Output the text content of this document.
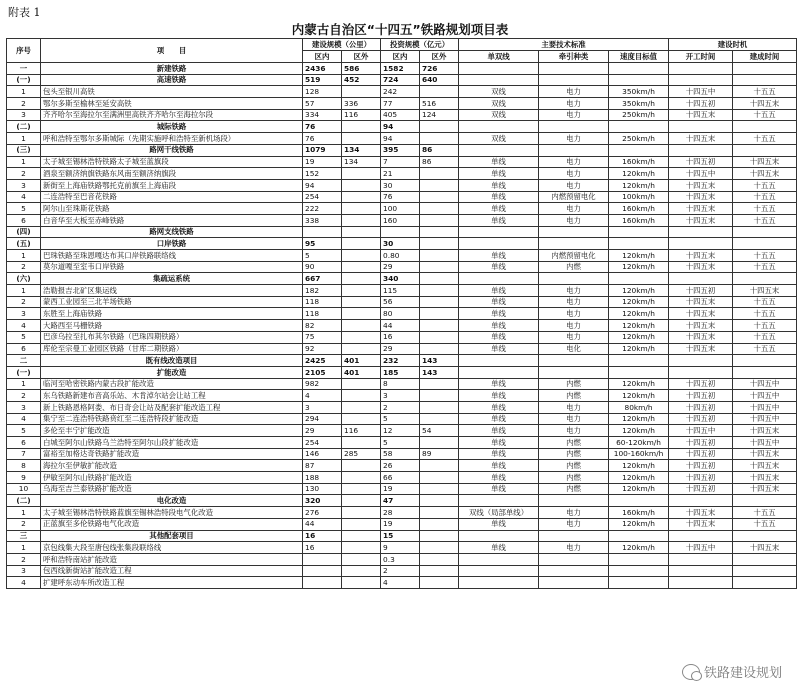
附表 1
内蒙古自治区“十四五”铁路规划项目表
序号	项　　目	建设规模（公里）		投资规模（亿元）		主要技术标准			建设时机	
		区内	区外	区内	区外	单双线	牵引种类	速度目标值	开工时间	建成时间
一	新建铁路	2436	586	1582	726					
(一)	高速铁路	519	452	724	640					
1	包头至银川高铁	128		242		双线	电力	350km/h	十四五中	十五五
2	鄂尔多斯至榆林至延安高铁	57	336	77	516	双线	电力	350km/h	十四五初	十四五末
3	齐齐哈尔至海拉尔至满洲里高铁齐齐哈尔至海拉尔段	334	116	405	124	双线	电力	250km/h	十四五末	十五五
(二)	城际铁路	76		94						
1	呼和浩特至鄂尔多斯城际（先期实施呼和浩特至新机场段）	76		94		双线	电力	250km/h	十四五末	十五五
(三)	路网干线铁路	1079	134	395	86					
1	太子城至锡林浩特铁路太子城至蓝旗段	19	134	7	86	单线	电力	160km/h	十四五初	十四五末
2	酒泉至额济纳旗铁路东风南至额济纳旗段	152		21		单线	电力	120km/h	十四五中	十四五末
3	新街至上海庙铁路鄂托克前旗至上海庙段	94		30		单线	电力	120km/h	十四五末	十五五
4	二连浩特至巴音花铁路	254		76		单线	内燃预留电化	100km/h	十四五末	十五五
5	阿尔山至珠斯花铁路	222		100		单线	电力	160km/h	十四五末	十五五
6	白音华至大板至赤峰铁路	338		160		单线	电力	160km/h	十四五末	十五五
(四)	路网支线铁路									
(五)	口岸铁路	95		30						
1	巴珠铁路至珠恩嘎达布其口岸铁路联络线	5		0.80		单线	内燃预留电化	120km/h	十四五末	十五五
2	莫尔道嘎至室韦口岸铁路	90		29		单线	内燃	120km/h	十四五末	十五五
(六)	集疏运系统	667		340						
1	浩勒报吉北矿区集运线	182		115		单线	电力	120km/h	十四五初	十四五末
2	蒙西工业园至三北羊场铁路	118		56		单线	电力	120km/h	十四五末	十五五
3	东胜至上海庙铁路	118		80		单线	电力	120km/h	十四五末	十五五
4	大路西至马栅铁路	82		44		单线	电力	120km/h	十四五末	十五五
5	巴彦乌拉至扎布其尔铁路（巴珠四期铁路）	75		16		单线	电力	120km/h	十四五末	十五五
6	库伦至宗曼工业园区铁路（甘库二期铁路）	92		29		单线	电化	120km/h	十四五末	十五五
二	既有线改造项目	2425	401	232	143					
(一)	扩能改造	2105	401	185	143					
1	临河至哈密铁路内蒙古段扩能改造	982		8		单线	内燃	120km/h	十四五初	十四五中
2	东乌铁路新建布音高乐站、木肯淖尔站会让站工程	4		3		单线	内燃	120km/h	十四五初	十四五中
3	新上铁路恩格阿娄、布日奇会让站及配套扩能改造工程	3		2		单线	电力	80km/h	十四五初	十四五中
4	集宁至二连浩特铁路贲红至二连浩特段扩能改造	294		5		单线	电力	120km/h	十四五初	十四五中
5	多伦至丰宁扩能改造	29	116	12	54	单线	电力	120km/h	十四五中	十四五末
6	白城至阿尔山铁路乌兰浩特至阿尔山段扩能改造	254		5		单线	内燃	60-120km/h	十四五初	十四五中
7	富裕至加格达奇铁路扩能改造	146	285	58	89	单线	内燃	100-160km/h	十四五初	十四五末
8	海拉尔至伊敏扩能改造	87		26		单线	内燃	120km/h	十四五初	十四五末
9	伊敏至阿尔山铁路扩能改造	188		66		单线	内燃	120km/h	十四五初	十四五末
10	乌海至吉兰泰铁路扩能改造	130		19		单线	内燃	120km/h	十四五初	十四五末
(二)	电化改造	320		47						
1	太子城至锡林浩特铁路蓝旗至锡林浩特段电气化改造	276		28		双线（局部单线）	电力	160km/h	十四五末	十五五
2	正蓝旗至多伦铁路电气化改造	44		19		单线	电力	120km/h	十四五末	十五五
三	其他配套项目	16		15						
1	京包线集大段至唐包线张集段联络线	16		9		单线	电力	120km/h	十四五中	十四五末
2	呼和浩特南站扩能改造			0.3						
3	包西线新街站扩能改造工程			2						
4	扩建呼东动车所改造工程			4						
铁路建设规划
